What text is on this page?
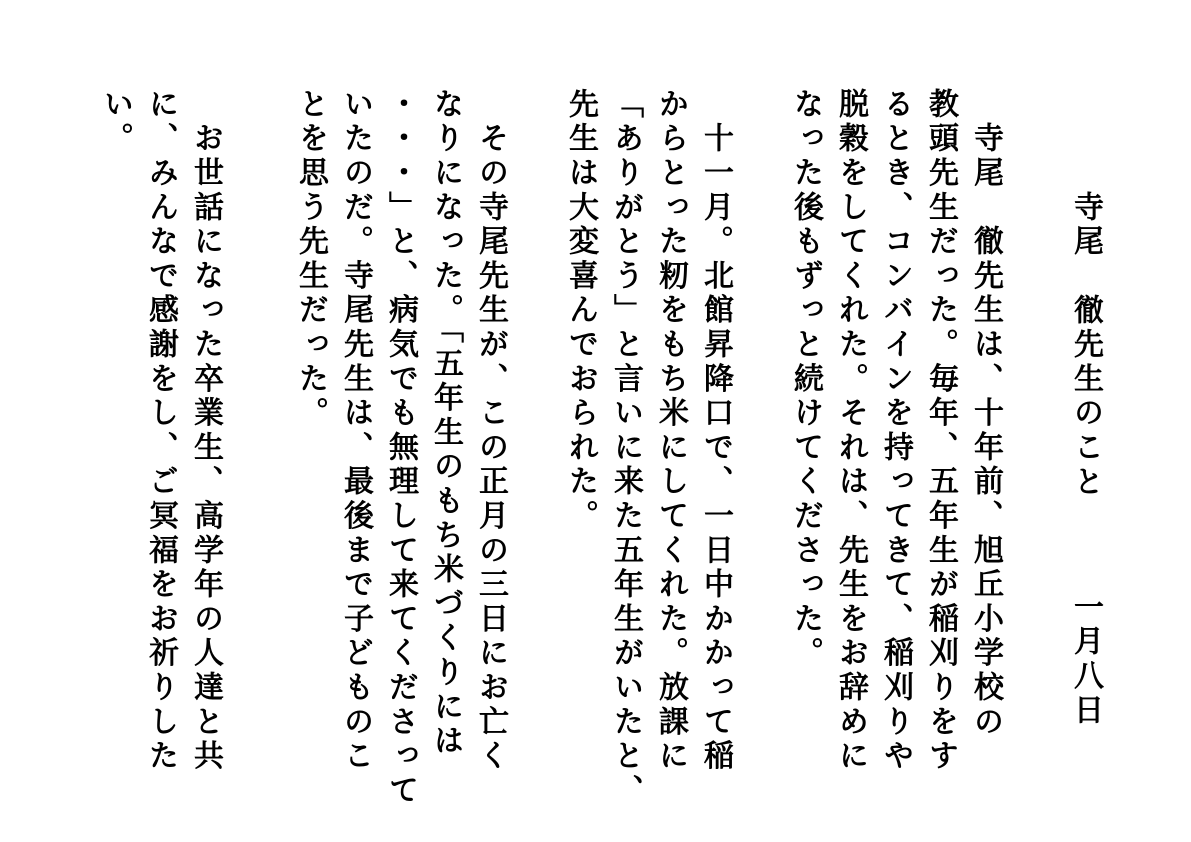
寺尾　徹先生のこと
一月八日
　寺尾　徹先生は、十年前、旭丘小学校の
教頭先生だった。毎年、五年生が稲刈りをす
るとき、コンバインを持ってきて、稲刈りや
脱穀をしてくれた。それは、先生をお辞めに
なった後もずっと続けてくださった。
　十一月。北館昇降口で、一日中かかって稲
からとった籾をもち米にしてくれた。放課に
「ありがとう」と言いに来た五年生がいたと、
先生は大変喜んでおられた。
　その寺尾先生が、この正月の三日にお亡く
なりになった。「五年生のもち米づくりには
・・・」と、病気でも無理して来てくださって
いたのだ。寺尾先生は、最後まで子どものこ
とを思う先生だった。
　お世話になった卒業生、高学年の人達と共
に、みんなで感謝をし、ご冥福をお祈りした
い。
